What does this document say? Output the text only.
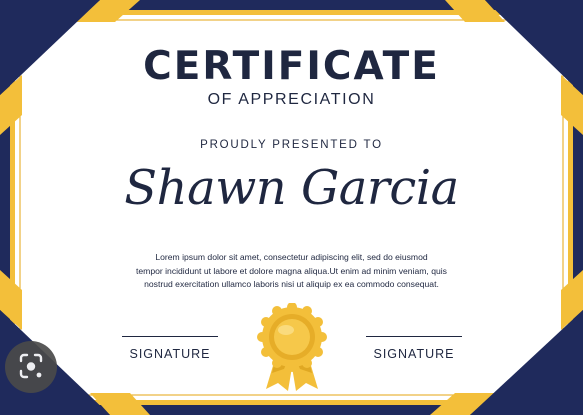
CERTIFICATE
OF APPRECIATION
PROUDLY PRESENTED TO
Shawn Garcia
Lorem ipsum dolor sit amet, consectetur adipiscing elit, sed do eiusmod
tempor incididunt ut labore et dolore magna aliqua.Ut enim ad minim veniam, quis
nostrud exercitation ullamco laboris nisi ut aliquip ex ea commodo consequat.
SIGNATURE	SIGNATURE
